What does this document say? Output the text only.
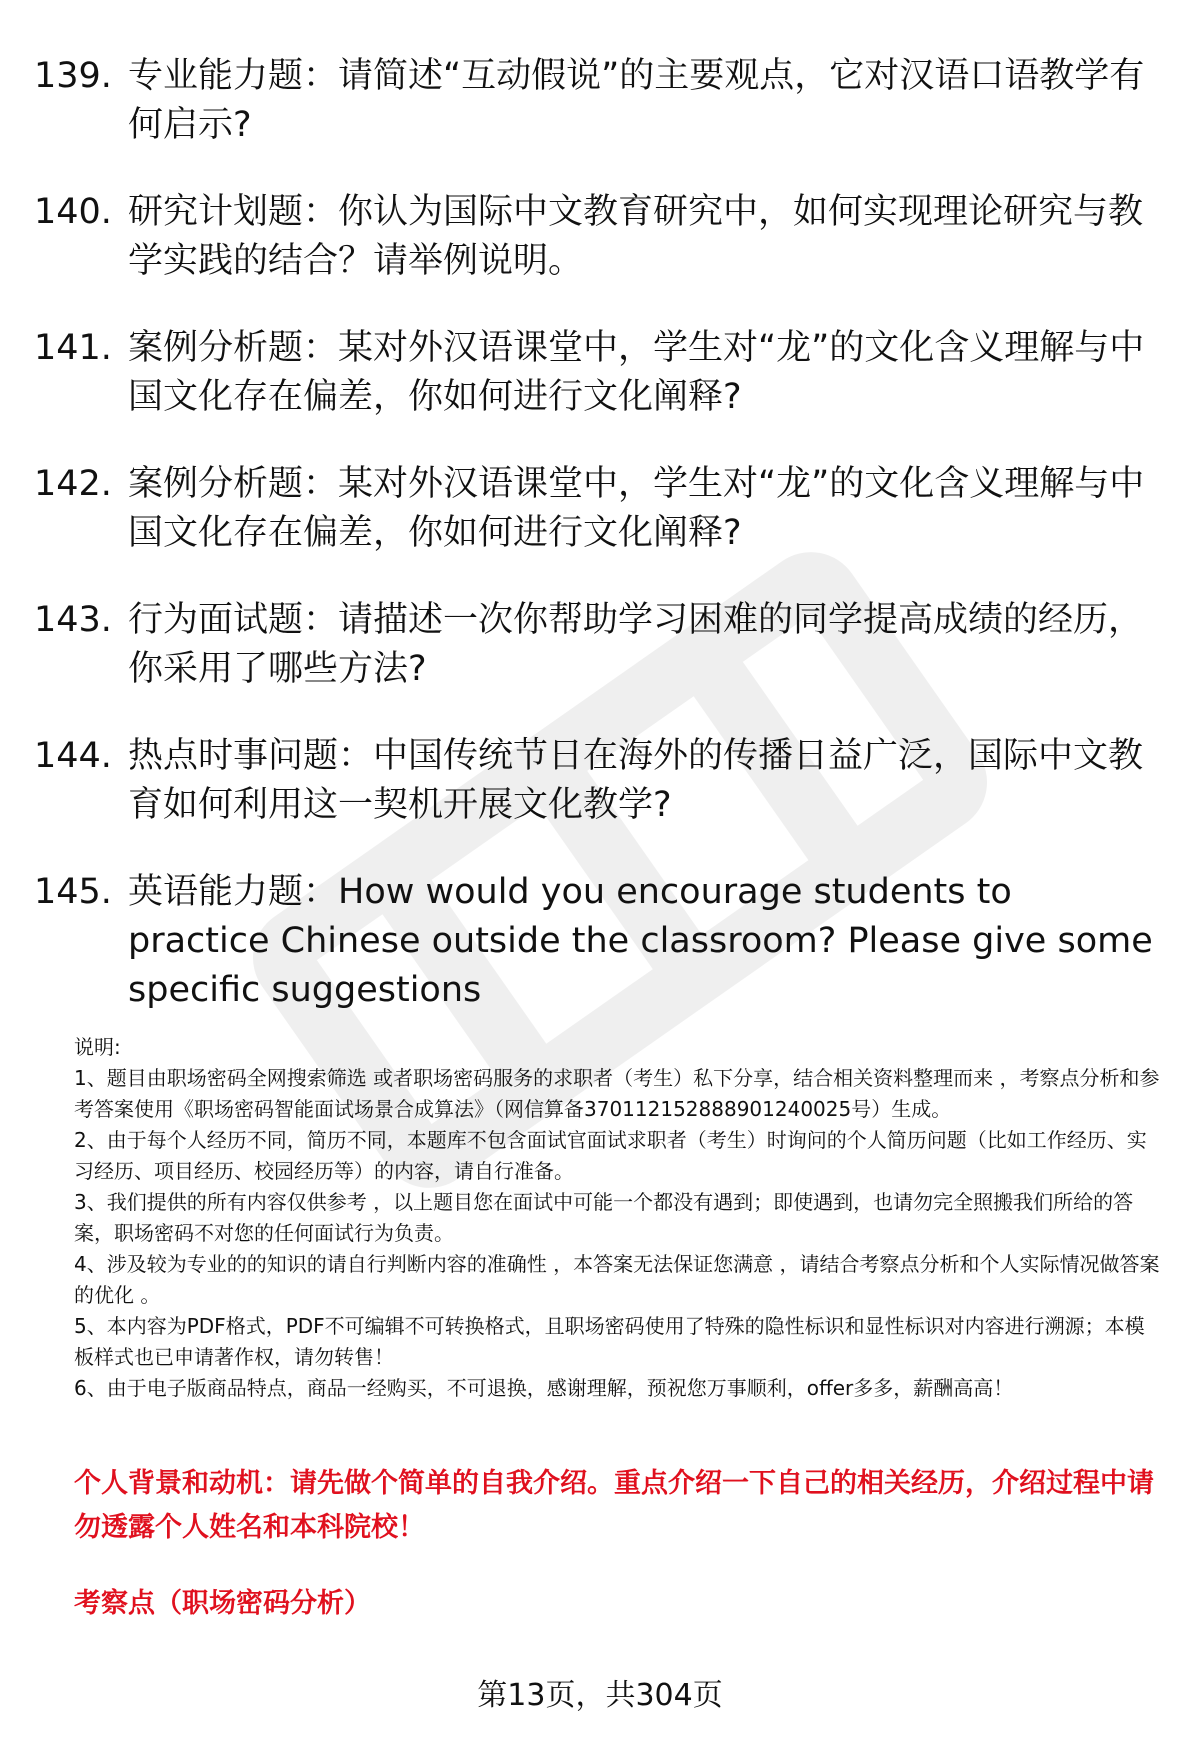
139. 专业能力题：请简述“互动假说”的主要观点，它对汉语口语教学有何启示?
140. 研究计划题：你认为国际中文教育研究中，如何实现理论研究与教学实践的结合？请举例说明。
141. 案例分析题：某对外汉语课堂中，学生对“龙”的文化含义理解与中国文化存在偏差，你如何进行文化阐释?
142. 案例分析题：某对外汉语课堂中，学生对“龙”的文化含义理解与中国文化存在偏差，你如何进行文化阐释?
143. 行为面试题：请描述一次你帮助学习困难的同学提高成绩的经历，你采用了哪些方法?
144. 热点时事问题：中国传统节日在海外的传播日益广泛，国际中文教育如何利用这一契机开展文化教学?
145. 英语能力题：How would you encourage students to practice Chinese outside the classroom? Please give some specific suggestions

说明:

1、题目由职场密码全网搜索筛选 或者职场密码服务的求职者（考生）私下分享，结合相关资料整理而来 ，考察点分析和参考答案使用《职场密码智能面试场景合成算法》（网信算备370112152888901240025号）生成。

2、由于每个人经历不同，简历不同，本题库不包含面试官面试求职者（考生）时询问的个人简历问题（比如工作经历、实习经历、项目经历、校园经历等）的内容，请自行准备。

3、我们提供的所有内容仅供参考 ，以上题目您在面试中可能一个都没有遇到；即使遇到，也请勿完全照搬我们所给的答案，职场密码不对您的任何面试行为负责。

4、涉及较为专业的的知识的请自行判断内容的准确性 ，本答案无法保证您满意 ，请结合考察点分析和个人实际情况做答案的优化 。

5、本内容为PDF格式，PDF不可编辑不可转换格式，且职场密码使用了特殊的隐性标识和显性标识对内容进行溯源；本模板样式也已申请著作权，请勿转售！

6、由于电子版商品特点，商品一经购买，不可退换，感谢理解，预祝您万事顺利，offer多多，薪酬高高！

个人背景和动机：请先做个简单的自我介绍。重点介绍一下自己的相关经历，介绍过程中请勿透露个人姓名和本科院校！
考察点（职场密码分析）
第13页，共304页
